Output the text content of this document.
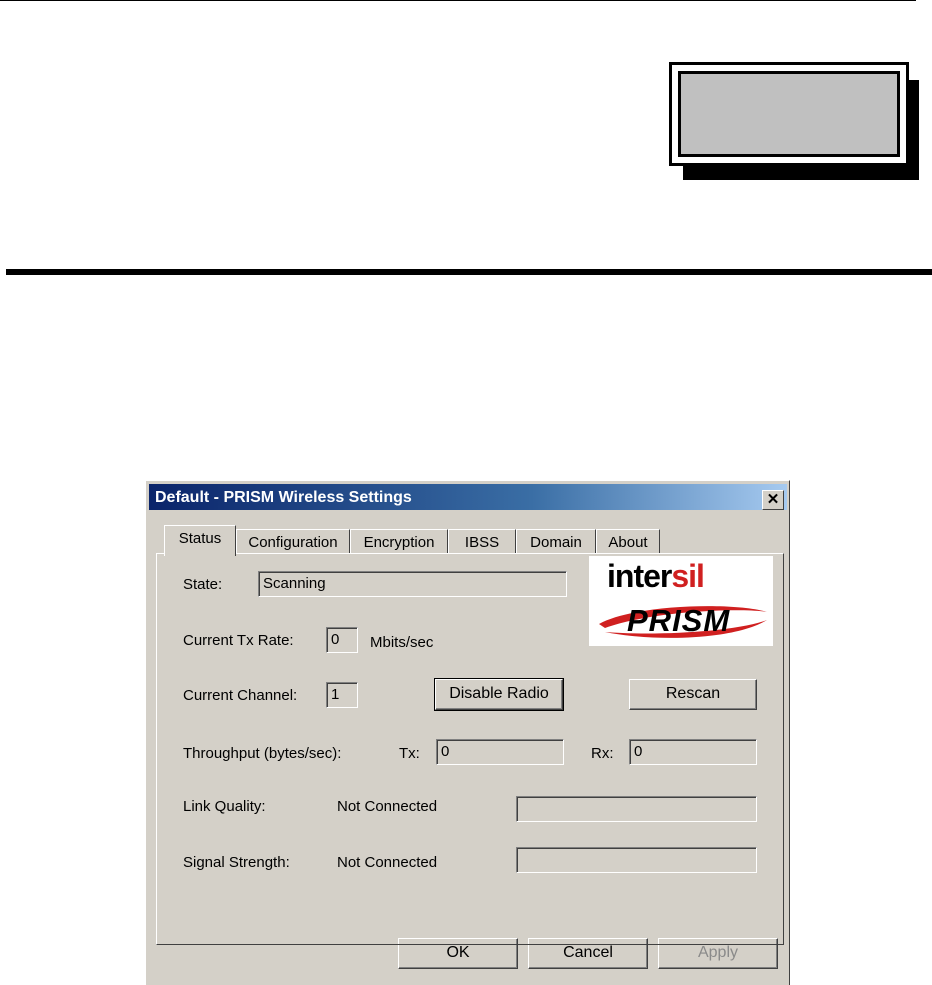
Default - PRISM Wireless Settings	✕
Status	Configuration	Encryption	IBSS	Domain	About
State:	Scanning
Current Tx Rate:	0	Mbits/sec
Current Channel:	1	Disable Radio	Rescan
Throughput (bytes/sec):	Tx:	0	Rx:	0
Link Quality:	Not Connected
Signal Strength:	Not Connected
intersil
PRISM
OK	Cancel	Apply
